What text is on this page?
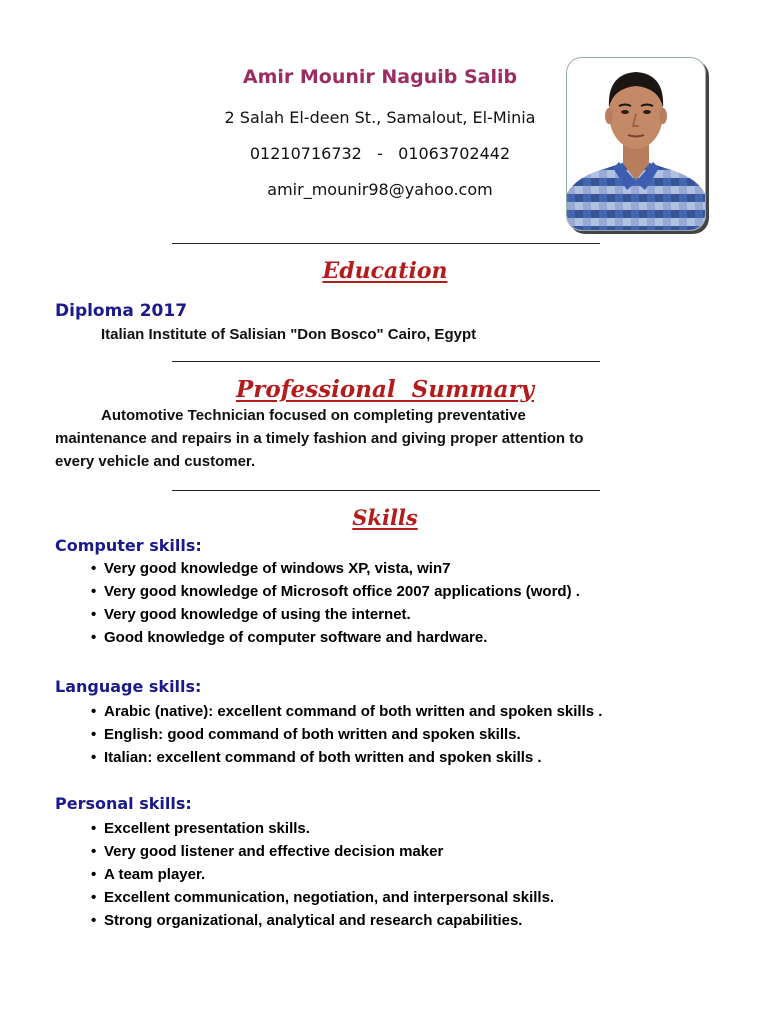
Amir Mounir Naguib Salib
2 Salah El-deen St., Samalout, El-Minia
01210716732   -   01063702442
amir_mounir98@yahoo.com
Education
Diploma 2017
Italian Institute of Salisian "Don Bosco" Cairo, Egypt
Professional  Summary
Automotive Technician focused on completing preventative
maintenance and repairs in a timely fashion and giving proper attention to
every vehicle and customer.
Skills
Computer skills:
• Very good knowledge of windows XP, vista, win7
• Very good knowledge of Microsoft office 2007 applications (word) .
• Very good knowledge of using the internet.
• Good knowledge of computer software and hardware.
Language skills:
• Arabic (native): excellent command of both written and spoken skills .
• English: good command of both written and spoken skills.
• Italian: excellent command of both written and spoken skills .
Personal skills:
• Excellent presentation skills.
• Very good listener and effective decision maker
• A team player.
• Excellent communication, negotiation, and interpersonal skills.
• Strong organizational, analytical and research capabilities.
